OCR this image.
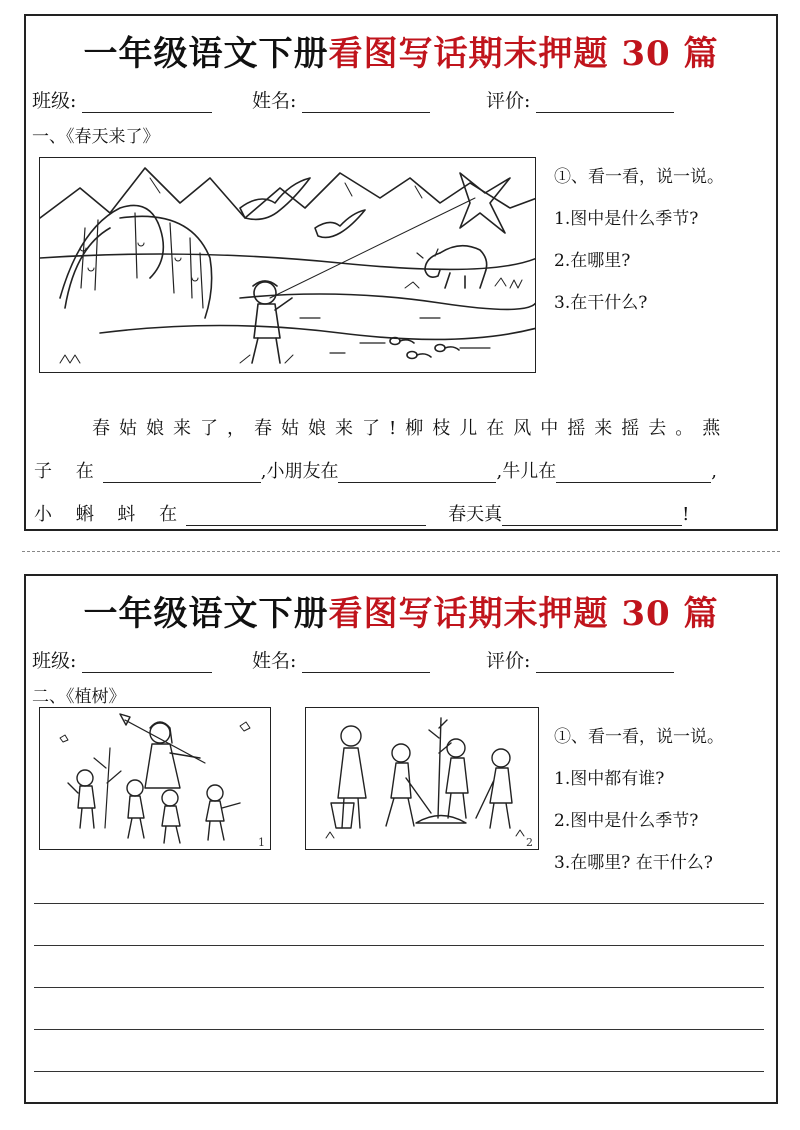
一年级语文下册看图写话期末押题 30 篇
班级:	姓名:	评价:
一、《春天来了》
①、看一看，说一说。
1.图中是什么季节?
2.在哪里?
3.在干什么?
春姑娘来了，春姑娘来了!柳枝儿在风中摇来摇去。燕
子 在	,小朋友在	,牛儿在	,
小 蝌 蚪 在	春天真	!
一年级语文下册看图写话期末押题 30 篇
班级:	姓名:	评价:
二、《植树》
1	2
①、看一看，说一说。
1.图中都有谁?
2.图中是什么季节?
3.在哪里? 在干什么?
